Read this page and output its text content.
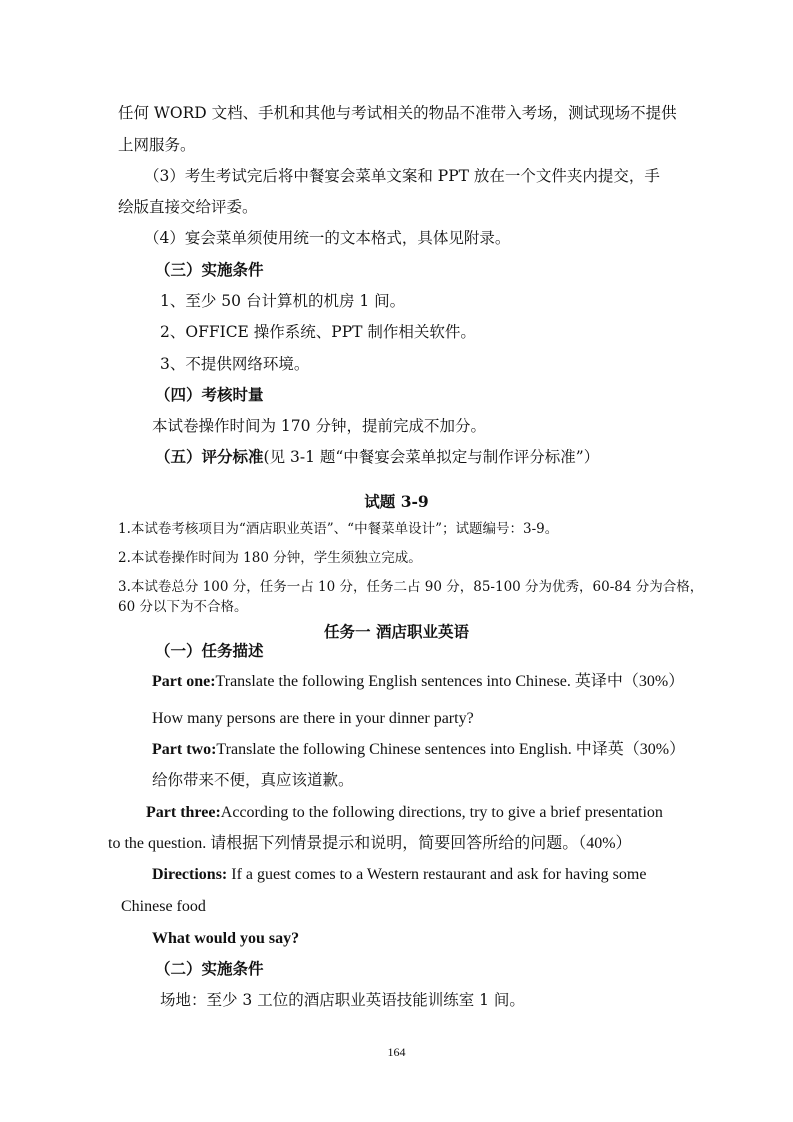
任何 WORD 文档、手机和其他与考试相关的物品不准带入考场，测试现场不提供
上网服务。
（3）考生考试完后将中餐宴会菜单文案和 PPT 放在一个文件夹内提交，手
绘版直接交给评委。
（4）宴会菜单须使用统一的文本格式，具体见附录。
（三）实施条件
1、至少 50 台计算机的机房 1 间。
2、OFFICE 操作系统、PPT 制作相关软件。
3、不提供网络环境。
（四）考核时量
本试卷操作时间为 170 分钟，提前完成不加分。
（五）评分标准(见 3-1 题“中餐宴会菜单拟定与制作评分标准”）
试题 3-9
1.本试卷考核项目为“酒店职业英语”、“中餐菜单设计”；试题编号：3-9。
2.本试卷操作时间为 180 分钟，学生须独立完成。
3.本试卷总分 100 分，任务一占 10 分，任务二占 90 分，85-100 分为优秀，60-84 分为合格，
60 分以下为不合格。
任务一 酒店职业英语
（一）任务描述
Part one:Translate the following English sentences into Chinese. 英译中（30%）
How many persons are there in your dinner party?
Part two:Translate the following Chinese sentences into English. 中译英（30%）
给你带来不便，真应该道歉。
Part three:According to the following directions, try to give a brief presentation
to the question. 请根据下列情景提示和说明，简要回答所给的问题。（40%）
Directions: If a guest comes to a Western restaurant and ask for having some
Chinese food
What would you say?
（二）实施条件
场地：至少 3 工位的酒店职业英语技能训练室 1 间。
164
